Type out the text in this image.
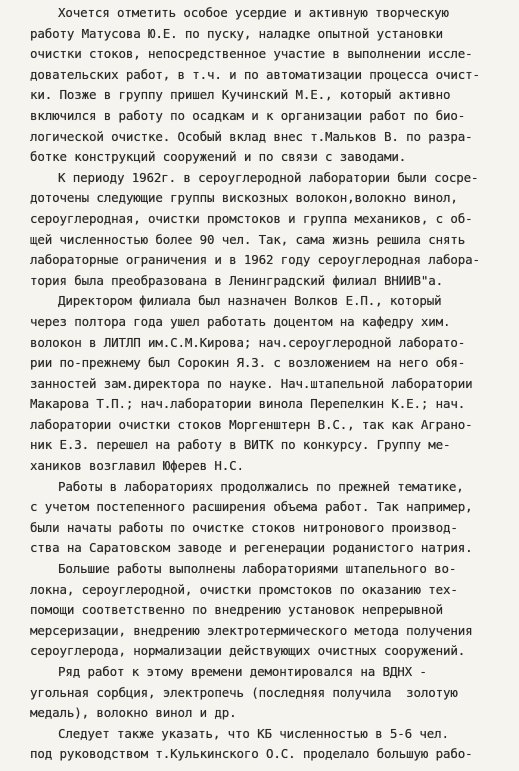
Хочется отметить особое усердие и активную творческую
работу Матусова Ю.Е. по пуску, наладке опытной установки
очистки стоков, непосредственное участие в выполнении иссле-
довательских работ, в т.ч. и по автоматизации процесса очист-
ки. Позже в группу пришел Кучинский М.Е., который активно
включился в работу по осадкам и к организации работ по био-
логической очистке. Особый вклад внес т.Мальков В. по разра-
ботке конструкций сооружений и по связи с заводами.
К периоду 1962г. в сероуглеродной лаборатории были сосре-
доточены следующие группы вискозных волокон,волокно винол,
сероуглеродная, очистки промстоков и группа механиков, с об-
щей численностью более 90 чел. Так, сама жизнь решила снять
лабораторные ограничения и в 1962 году сероуглеродная лабора-
тория была преобразована в Ленинградский филиал ВНИИВ"а.
Директором филиала был назначен Волков Е.П., который
через полтора года ушел работать доцентом на кафедру хим.
волокон в ЛИТЛП им.С.М.Кирова; нач.сероуглеродной лаборато-
рии по-прежнему был Сорокин Я.З. с возложением на него обя-
занностей зам.директора по науке. Нач.штапельной лаборатории
Макарова Т.П.; нач.лаборатории винола Перепелкин К.Е.; нач.
лаборатории очистки стоков Моргенштерн В.С., так как Аграно-
ник Е.З. перешел на работу в ВИТК по конкурсу. Группу ме-
хаников возглавил Юферев Н.С.
Работы в лабораториях продолжались по прежней тематике,
с учетом постепенного расширения объема работ. Так например,
были начаты работы по очистке стоков нитронового производ-
ства на Саратовском заводе и регенерации роданистого натрия.
Большие работы выполнены лабораториями штапельного во-
локна, сероуглеродной, очистки промстоков по оказанию тех-
помощи соответственно по внедрению установок непрерывной
мерсеризации, внедрению электротермического метода получения
сероуглерода, нормализации действующих очистных сооружений.
Ряд работ к этому времени демонтировался на ВДНХ -
угольная сорбция, электропечь (последняя получила  золотую
медаль), волокно винол и др.
Следует также указать, что КБ численностью в 5-6 чел.
под руководством т.Кулькинского О.С. проделало большую рабо-
